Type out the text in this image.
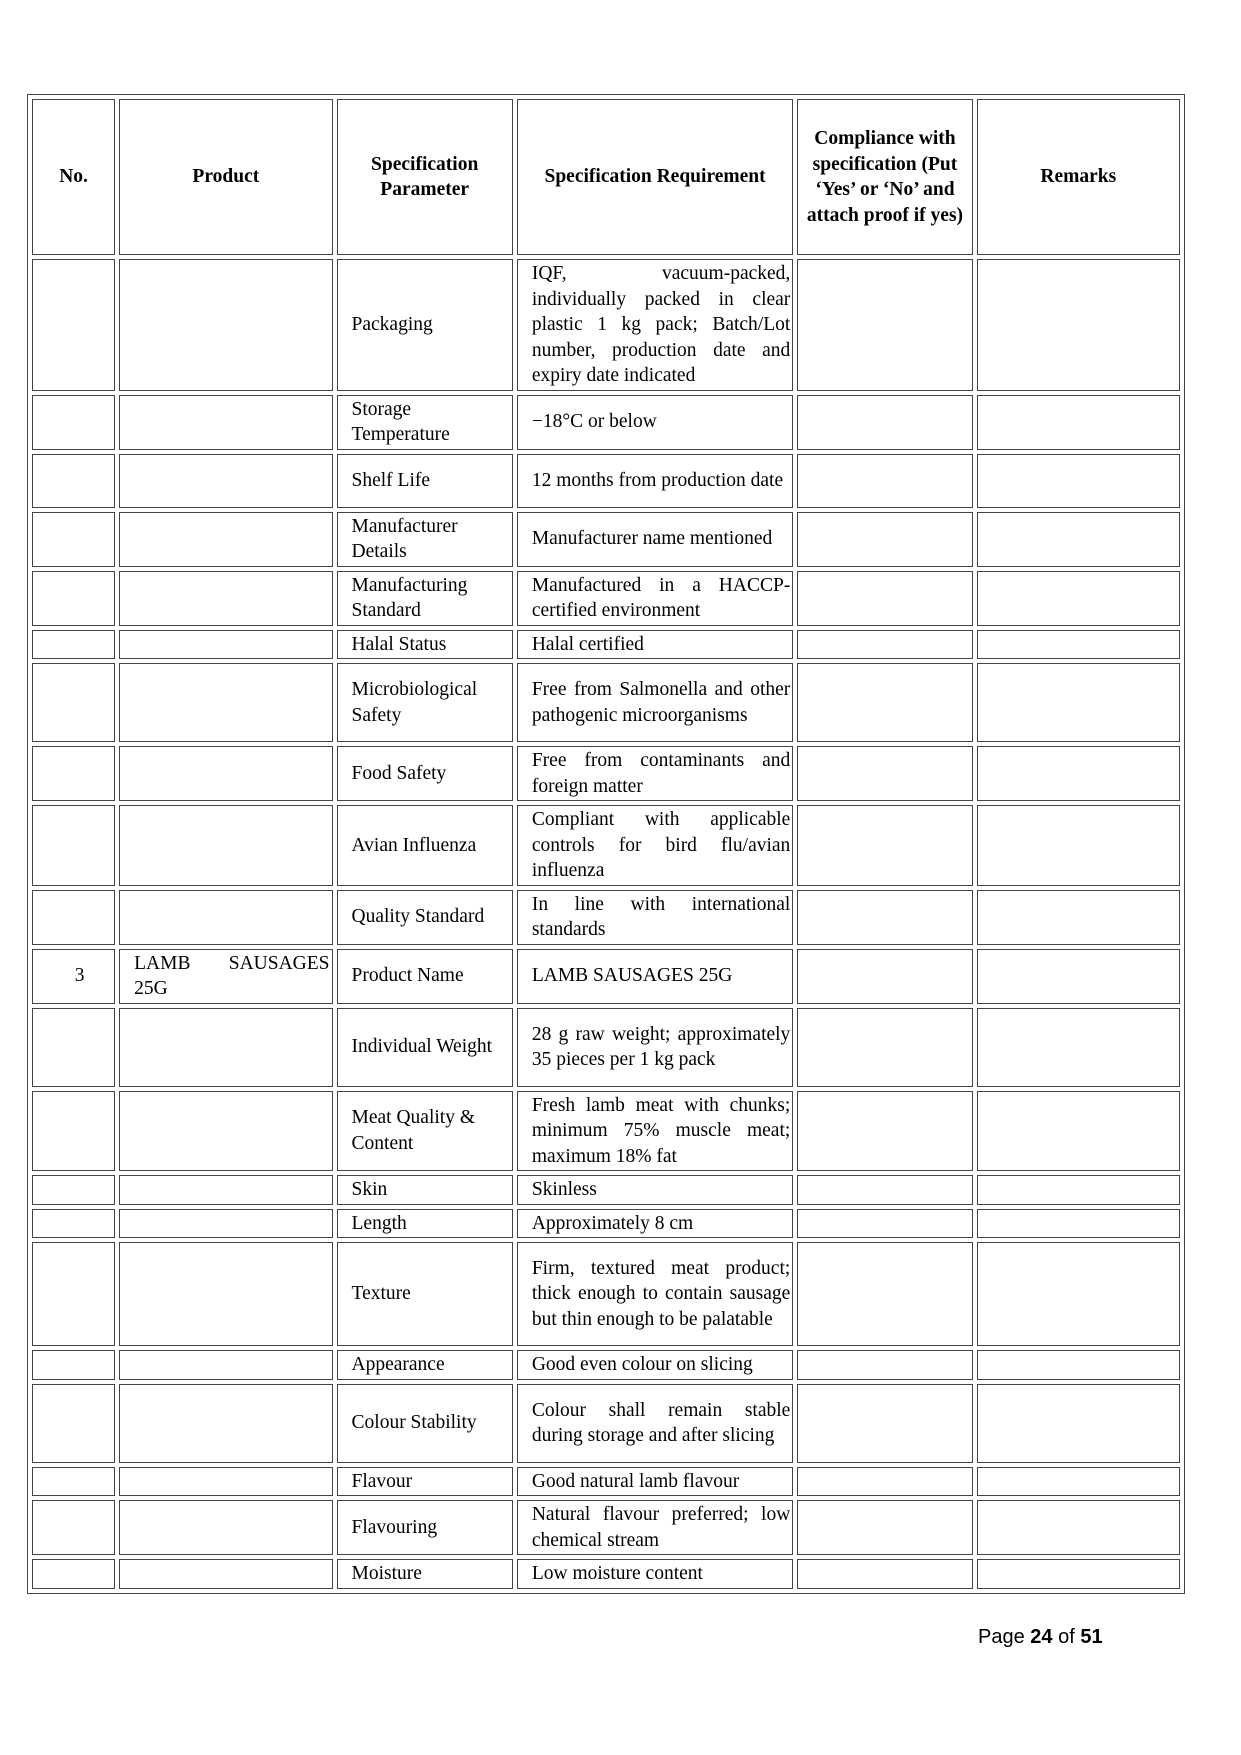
No.	Product	Specification Parameter	Specification Requirement	Compliance with specification (Put ‘Yes’ or ‘No’ and attach proof if yes)	Remarks
		Packaging	IQF, vacuum-packed, individually packed in clear plastic 1 kg pack; Batch/Lot number, production date and expiry date indicated		
		Storage Temperature	−18°C or below		
		Shelf Life	12 months from production date		
		Manufacturer Details	Manufacturer name mentioned		
		Manufacturing Standard	Manufactured in a HACCP-certified environment		
		Halal Status	Halal certified		
		Microbiological Safety	Free from Salmonella and other pathogenic microorganisms		
		Food Safety	Free from contaminants and foreign matter		
		Avian Influenza	Compliant with applicable controls for bird flu/avian influenza		
		Quality Standard	In line with international standards		
3	LAMB SAUSAGES 25G	Product Name	LAMB SAUSAGES 25G		
		Individual Weight	28 g raw weight; approximately 35 pieces per 1 kg pack		
		Meat Quality & Content	Fresh lamb meat with chunks; minimum 75% muscle meat; maximum 18% fat		
		Skin	Skinless		
		Length	Approximately 8 cm		
		Texture	Firm, textured meat product; thick enough to contain sausage but thin enough to be palatable		
		Appearance	Good even colour on slicing		
		Colour Stability	Colour shall remain stable during storage and after slicing		
		Flavour	Good natural lamb flavour		
		Flavouring	Natural flavour preferred; low chemical stream		
		Moisture	Low moisture content		
Page 24 of 51
